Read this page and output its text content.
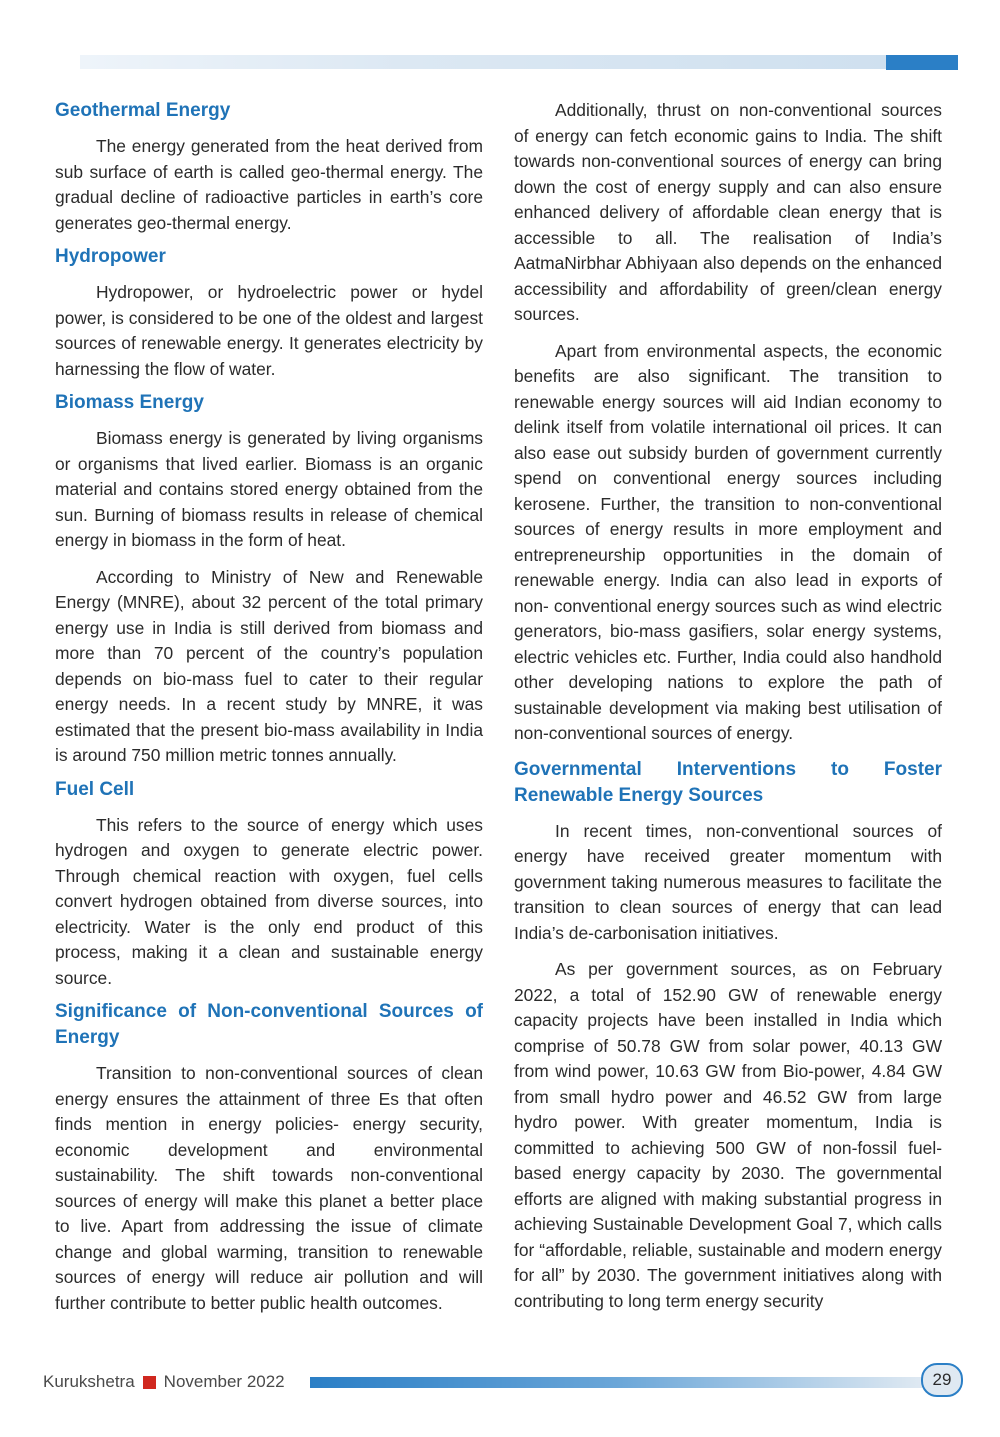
Geothermal Energy

The energy generated from the heat derived from sub surface of earth is called geo-thermal energy. The gradual decline of radioactive particles in earth’s core generates geo-thermal energy.

Hydropower

Hydropower, or hydroelectric power or hydel power, is considered to be one of the oldest and largest sources of renewable energy. It generates electricity by harnessing the flow of water.

Biomass Energy

Biomass energy is generated by living organisms or organisms that lived earlier. Biomass is an organic material and contains stored energy obtained from the sun. Burning of biomass results in release of chemical energy in biomass in the form of heat.

According to Ministry of New and Renewable Energy (MNRE), about 32 percent of the total primary energy use in India is still derived from biomass and more than 70 percent of the country’s population depends on bio-mass fuel to cater to their regular energy needs. In a recent study by MNRE, it was estimated that the present bio-mass availability in India is around 750 million metric tonnes annually.

Fuel Cell

This refers to the source of energy which uses hydrogen and oxygen to generate electric power. Through chemical reaction with oxygen, fuel cells convert hydrogen obtained from diverse sources, into electricity. Water is the only end product of this process, making it a clean and sustainable energy source.

Significance of Non-conventional Sources of
Energy

Transition to non-conventional sources of clean energy ensures the attainment of three Es that often finds mention in energy policies- energy security, economic development and environmental sustainability. The shift towards non-conventional sources of energy will make this planet a better place to live. Apart from addressing the issue of climate change and global warming, transition to renewable sources of energy will reduce air pollution and will further contribute to better public health outcomes.

Additionally, thrust on non-conventional sources of energy can fetch economic gains to India. The shift towards non-conventional sources of energy can bring down the cost of energy supply and can also ensure enhanced delivery of affordable clean energy that is accessible to all. The realisation of India’s AatmaNirbhar Abhiyaan also depends on the enhanced accessibility and affordability of green/clean energy sources.

Apart from environmental aspects, the economic benefits are also significant. The transition to renewable energy sources will aid Indian economy to delink itself from volatile international oil prices. It can also ease out subsidy burden of government currently spend on conventional energy sources including kerosene. Further, the transition to non-conventional sources of energy results in more employment and entrepreneurship opportunities in the domain of renewable energy. India can also lead in exports of non- conventional energy sources such as wind electric generators, bio-mass gasifiers, solar energy systems, electric vehicles etc. Further, India could also handhold other developing nations to explore the path of sustainable development via making best utilisation of non-conventional sources of energy.

Governmental Interventions to Foster
Renewable Energy Sources

In recent times, non-conventional sources of energy have received greater momentum with government taking numerous measures to facilitate the transition to clean sources of energy that can lead India’s de-carbonisation initiatives.

As per government sources, as on February 2022, a total of 152.90 GW of renewable energy capacity projects have been installed in India which comprise of 50.78 GW from solar power, 40.13 GW from wind power, 10.63 GW from Bio-power, 4.84 GW from small hydro power and 46.52 GW from large hydro power. With greater momentum, India is committed to achieving 500 GW of non-fossil fuel-based energy capacity by 2030. The governmental efforts are aligned with making substantial progress in achieving Sustainable Development Goal 7, which calls for “affordable, reliable, sustainable and modern energy for all” by 2030. The government initiatives along with contributing to long term energy security

Kurukshetra November 2022	29
